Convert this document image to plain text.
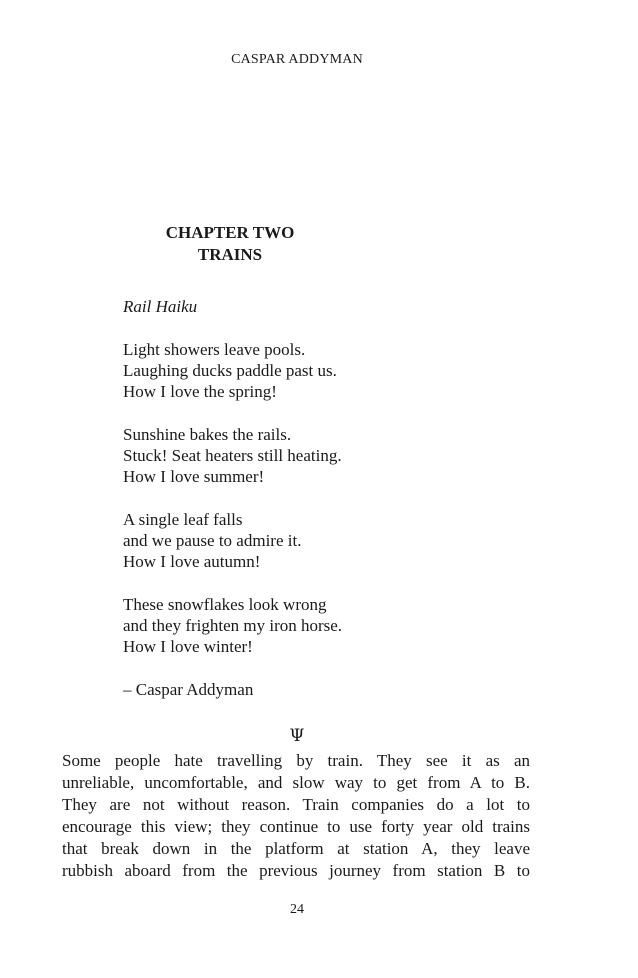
CASPAR ADDYMAN
CHAPTER TWO
TRAINS
Rail Haiku
Light showers leave pools.
Laughing ducks paddle past us.
How I love the spring!
Sunshine bakes the rails.
Stuck! Seat heaters still heating.
How I love summer!
A single leaf falls
and we pause to admire it.
How I love autumn!
These snowflakes look wrong
and they frighten my iron horse.
How I love winter!
– Caspar Addyman
Ψ
Some people hate travelling by train. They see it as an
unreliable, uncomfortable, and slow way to get from A to B.
They are not without reason. Train companies do a lot to
encourage this view; they continue to use forty year old trains
that break down in the platform at station A, they leave
rubbish aboard from the previous journey from station B to
24
